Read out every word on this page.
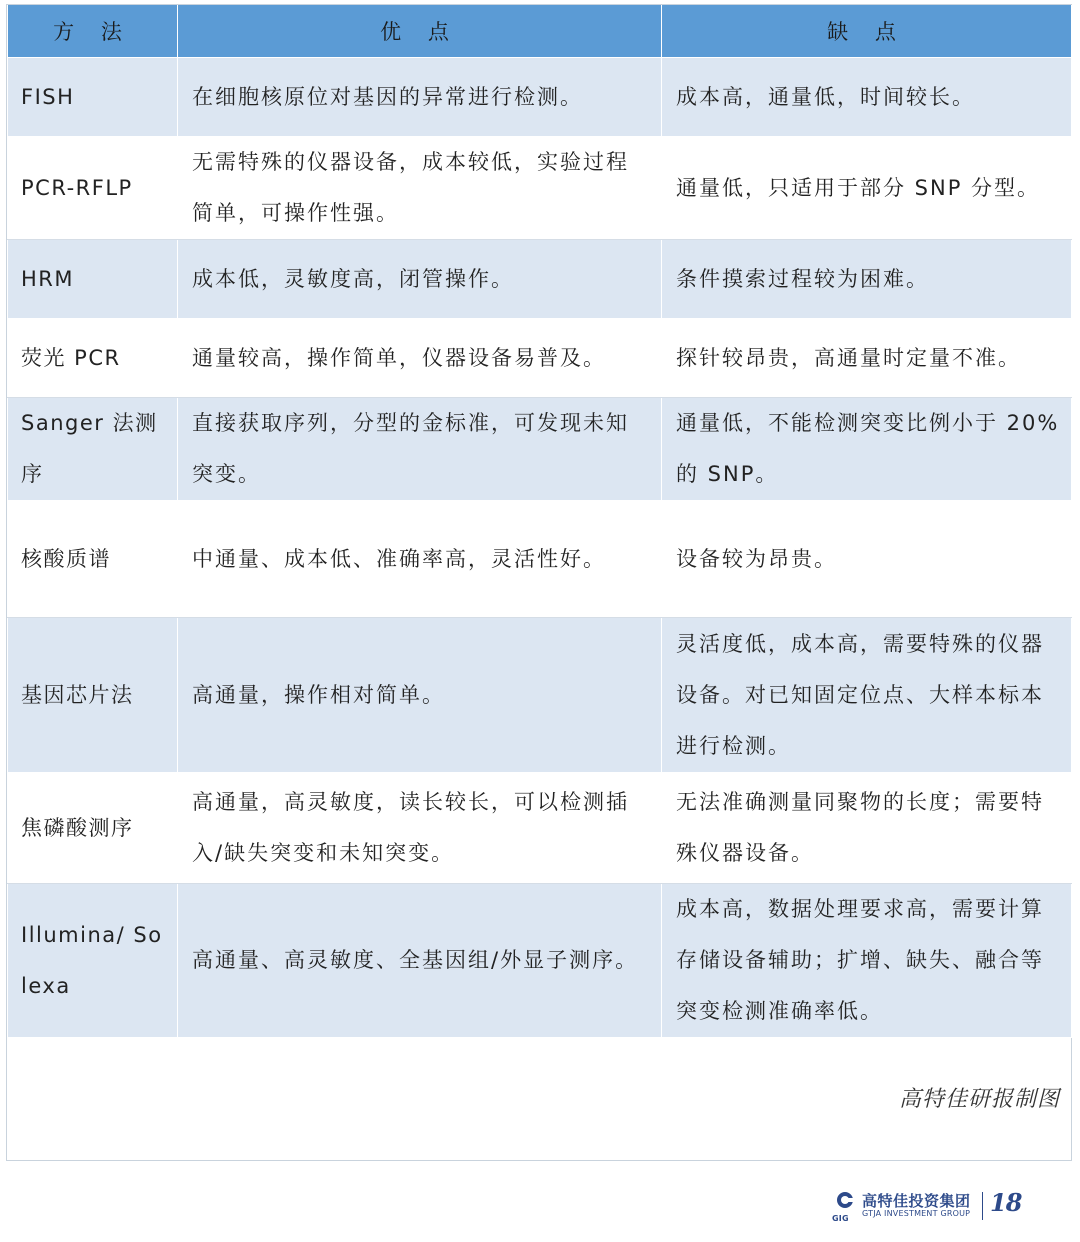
方 法	优 点	缺 点
FISH	在细胞核原位对基因的异常进行检测。	成本高，通量低，时间较长。
PCR-RFLP	无需特殊的仪器设备，成本较低，实验过程简单，可操作性强。	通量低，只适用于部分 SNP 分型。
HRM	成本低，灵敏度高，闭管操作。	条件摸索过程较为困难。
荧光 PCR	通量较高，操作简单，仪器设备易普及。	探针较昂贵，高通量时定量不准。
Sanger 法测序	直接获取序列，分型的金标准，可发现未知突变。	通量低，不能检测突变比例小于 20%的 SNP。
核酸质谱	中通量、成本低、准确率高，灵活性好。	设备较为昂贵。
基因芯片法	高通量，操作相对简单。	灵活度低，成本高，需要特殊的仪器设备。对已知固定位点、大样本标本进行检测。
焦磷酸测序	高通量，高灵敏度，读长较长，可以检测插入/缺失突变和未知突变。	无法准确测量同聚物的长度；需要特殊仪器设备。
Illumina/ Solexa	高通量、高灵敏度、全基因组/外显子测序。	成本高，数据处理要求高，需要计算存储设备辅助；扩增、缺失、融合等突变检测准确率低。
高特佳研报制图
GIG
高特佳投资集团
GTJA INVESTMENT GROUP 18
